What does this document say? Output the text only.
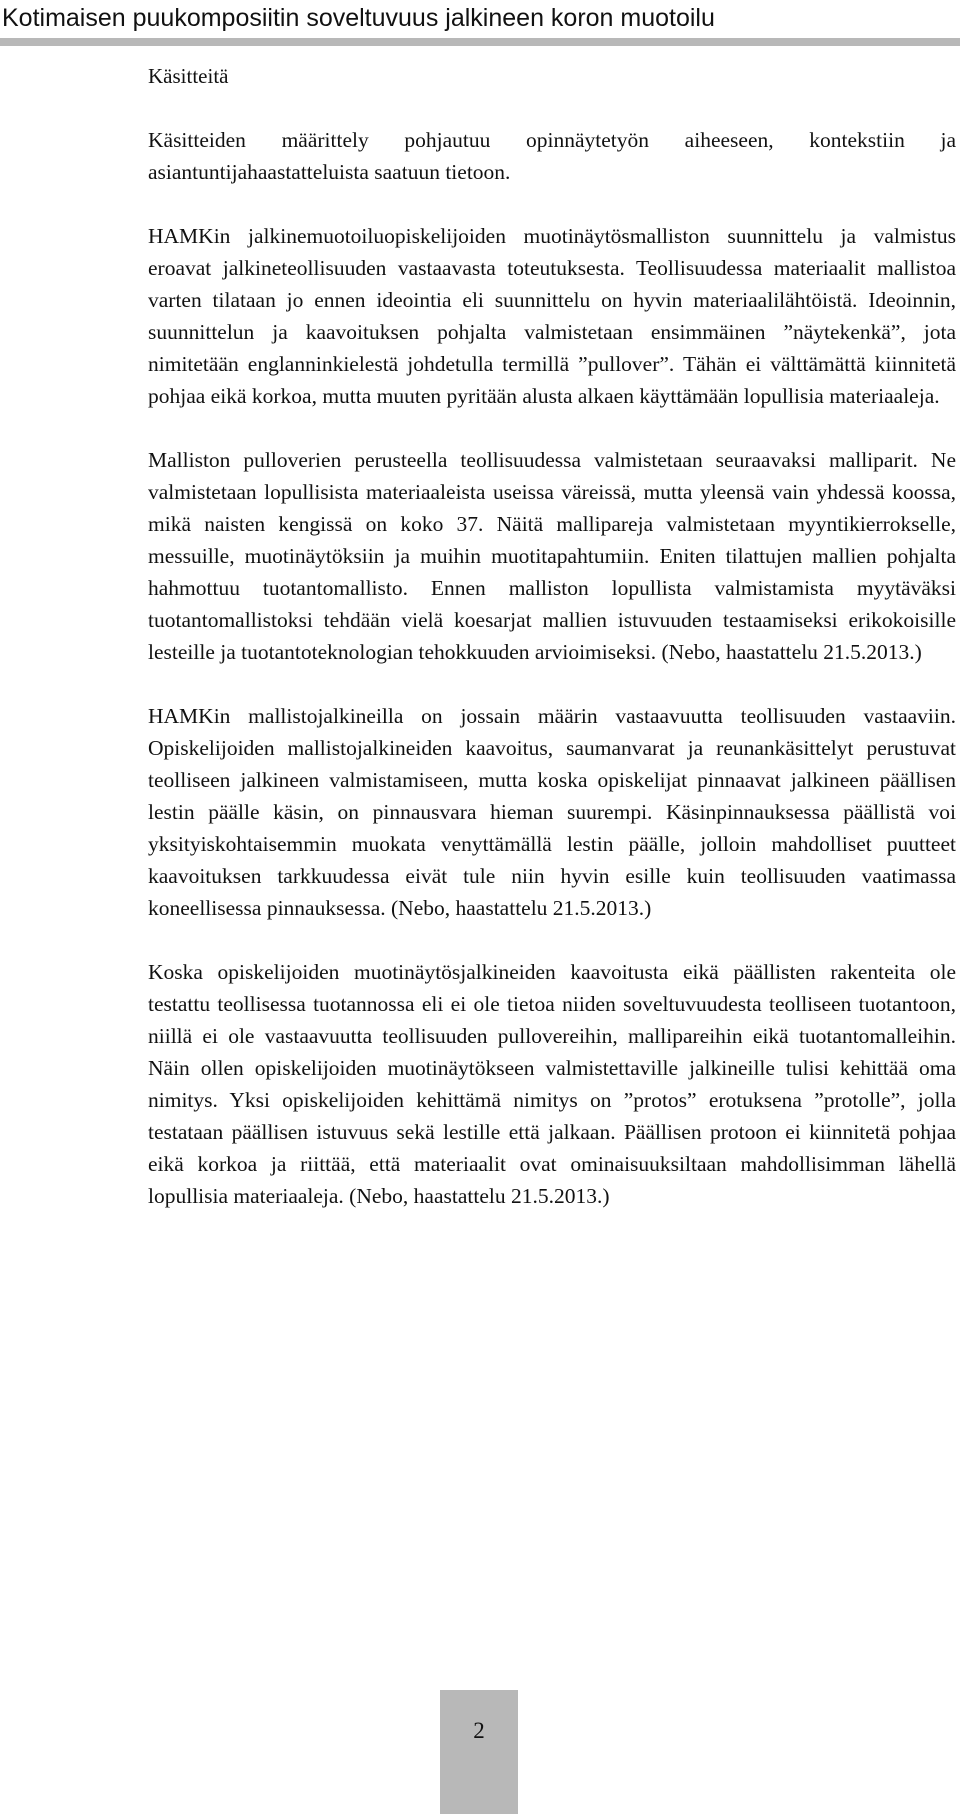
Kotimaisen puukomposiitin soveltuvuus jalkineen koron muotoilu
Käsitteitä

Käsitteiden määrittely pohjautuu opinnäytetyön aiheeseen, kontekstiin ja asiantuntijahaastatteluista saatuun tietoon.

HAMKin jalkinemuotoiluopiskelijoiden muotinäytösmalliston suunnittelu ja valmistus eroavat jalkineteollisuuden vastaavasta toteutuksesta. Teollisuudessa materiaalit mallistoa varten tilataan jo ennen ideointia eli suunnittelu on hyvin materiaalilähtöistä. Ideoinnin, suunnittelun ja kaavoituksen pohjalta valmistetaan ensimmäinen ”näytekenkä”, jota nimitetään englanninkielestä johdetulla termillä ”pullover”. Tähän ei välttämättä kiinnitetä pohjaa eikä korkoa, mutta muuten pyritään alusta alkaen käyttämään lopullisia materiaaleja.

Malliston pulloverien perusteella teollisuudessa valmistetaan seuraavaksi malliparit. Ne valmistetaan lopullisista materiaaleista useissa väreissä, mutta yleensä vain yhdessä koossa, mikä naisten kengissä on koko 37. Näitä mallipareja valmistetaan myyntikierrokselle, messuille, muotinäytöksiin ja muihin muotitapahtumiin. Eniten tilattujen mallien pohjalta hahmottuu tuotantomallisto. Ennen malliston lopullista valmistamista myytäväksi tuotantomallistoksi tehdään vielä koesarjat mallien istuvuuden testaamiseksi erikokoisille lesteille ja tuotantoteknologian tehokkuuden arvioimiseksi. (Nebo, haastattelu 21.5.2013.)

HAMKin mallistojalkineilla on jossain määrin vastaavuutta teollisuuden vastaaviin. Opiskelijoiden mallistojalkineiden kaavoitus, saumanvarat ja reunankäsittelyt perustuvat teolliseen jalkineen valmistamiseen, mutta koska opiskelijat pinnaavat jalkineen päällisen lestin päälle käsin, on pinnausvara hieman suurempi. Käsinpinnauksessa päällistä voi yksityiskohtaisemmin muokata venyttämällä lestin päälle, jolloin mahdolliset puutteet kaavoituksen tarkkuudessa eivät tule niin hyvin esille kuin teollisuuden vaatimassa koneellisessa pinnauksessa. (Nebo, haastattelu 21.5.2013.)

Koska opiskelijoiden muotinäytösjalkineiden kaavoitusta eikä päällisten rakenteita ole testattu teollisessa tuotannossa eli ei ole tietoa niiden soveltuvuudesta teolliseen tuotantoon, niillä ei ole vastaavuutta teollisuuden pullovereihin, mallipareihin eikä tuotantomalleihin. Näin ollen opiskelijoiden muotinäytökseen valmistettaville jalkineille tulisi kehittää oma nimitys. Yksi opiskelijoiden kehittämä nimitys on ”protos” erotuksena ”protolle”, jolla testataan päällisen istuvuus sekä lestille että jalkaan. Päällisen protoon ei kiinnitetä pohjaa eikä korkoa ja riittää, että materiaalit ovat ominaisuuksiltaan mahdollisimman lähellä lopullisia materiaaleja. (Nebo, haastattelu 21.5.2013.)

2
